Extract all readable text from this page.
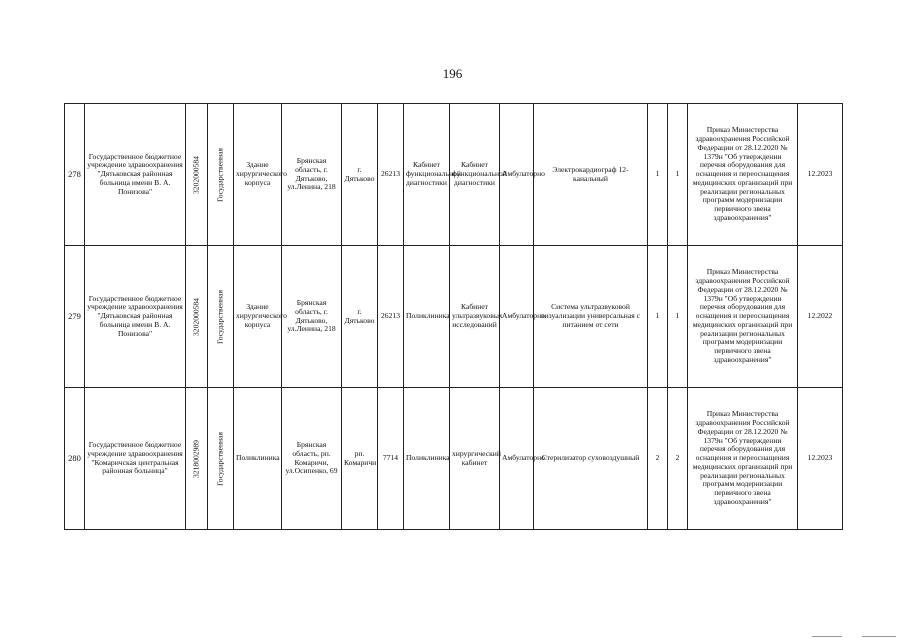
196
278	Государственное бюджетное учреждение здравоохранения "Дятьковская районная больница имени В. А. Понизова"	3202000584	Государственная	Здание хирургического корпуса	Брянская область, г. Дятьково, ул.Ленина, 218	г. Дятьково	26213	Кабинет функциональной диагностики	Кабинет функциональной диагностики	Амбулаторно	Электрокардиограф 12-канальный	1	1	Приказ Министерства здравоохранения Российской Федерации от 28.12.2020 № 1379н "Об утверждении перечня оборудования для оснащения и переоснащения медицинских организаций при реализации региональных программ модернизации первичного звена здравоохранения"	12.2023
279	Государственное бюджетное учреждение здравоохранения "Дятьковская районная больница имени В. А. Понизова"	3202000584	Государственная	Здание хирургического корпуса	Брянская область, г. Дятьково, ул.Ленина, 218	г. Дятьково	26213	Поликлиника	Кабинет ультразвуковых исследований	Амбулаторно	Система ультразвуковой визуализации универсальная с питанием от сети	1	1	Приказ Министерства здравоохранения Российской Федерации от 28.12.2020 № 1379н "Об утверждении перечня оборудования для оснащения и переоснащения медицинских организаций при реализации региональных программ модернизации первичного звена здравоохранения"	12.2022
280	Государственное бюджетное учреждение здравоохранения "Комаричская центральная районная больница"	3218002989	Государственная	Поликлиника	Брянская область, рп. Комаричи, ул.Осипенко, 69	рп. Комаричи	7714	Поликлиника	хирургический кабинет	Амбулаторно	Стерилизатор суховоздушный	2	2	Приказ Министерства здравоохранения Российской Федерации от 28.12.2020 № 1379н "Об утверждении перечня оборудования для оснащения и переоснащения медицинских организаций при реализации региональных программ модернизации первичного звена здравоохранения"	12.2023
